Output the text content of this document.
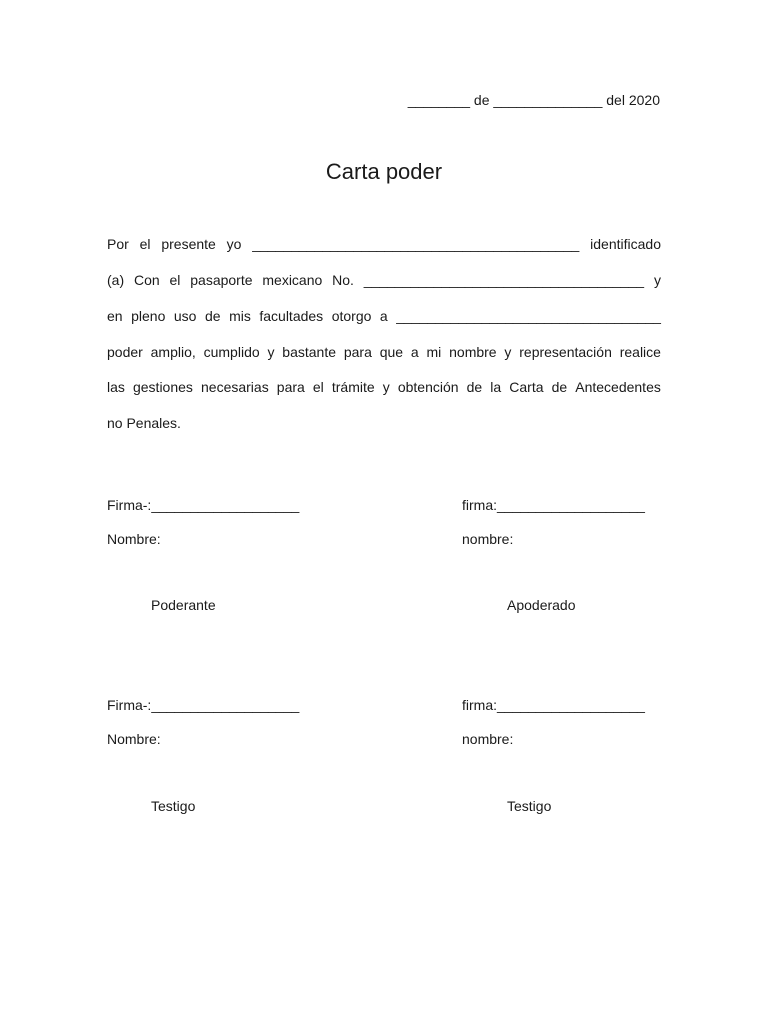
________ de ______________ del 2020
Carta poder
Por el presente yo __________________________________________ identificado
(a) Con el pasaporte mexicano No. ____________________________________ y
en pleno uso de mis facultades otorgo a __________________________________
poder amplio, cumplido y bastante para que a mi nombre y representación realice
las gestiones necesarias para el trámite y obtención de la Carta de Antecedentes
no Penales.
Firma-:___________________
Nombre:
Poderante
firma:___________________
nombre:
Apoderado
Firma-:___________________
Nombre:
Testigo
firma:___________________
nombre:
Testigo
